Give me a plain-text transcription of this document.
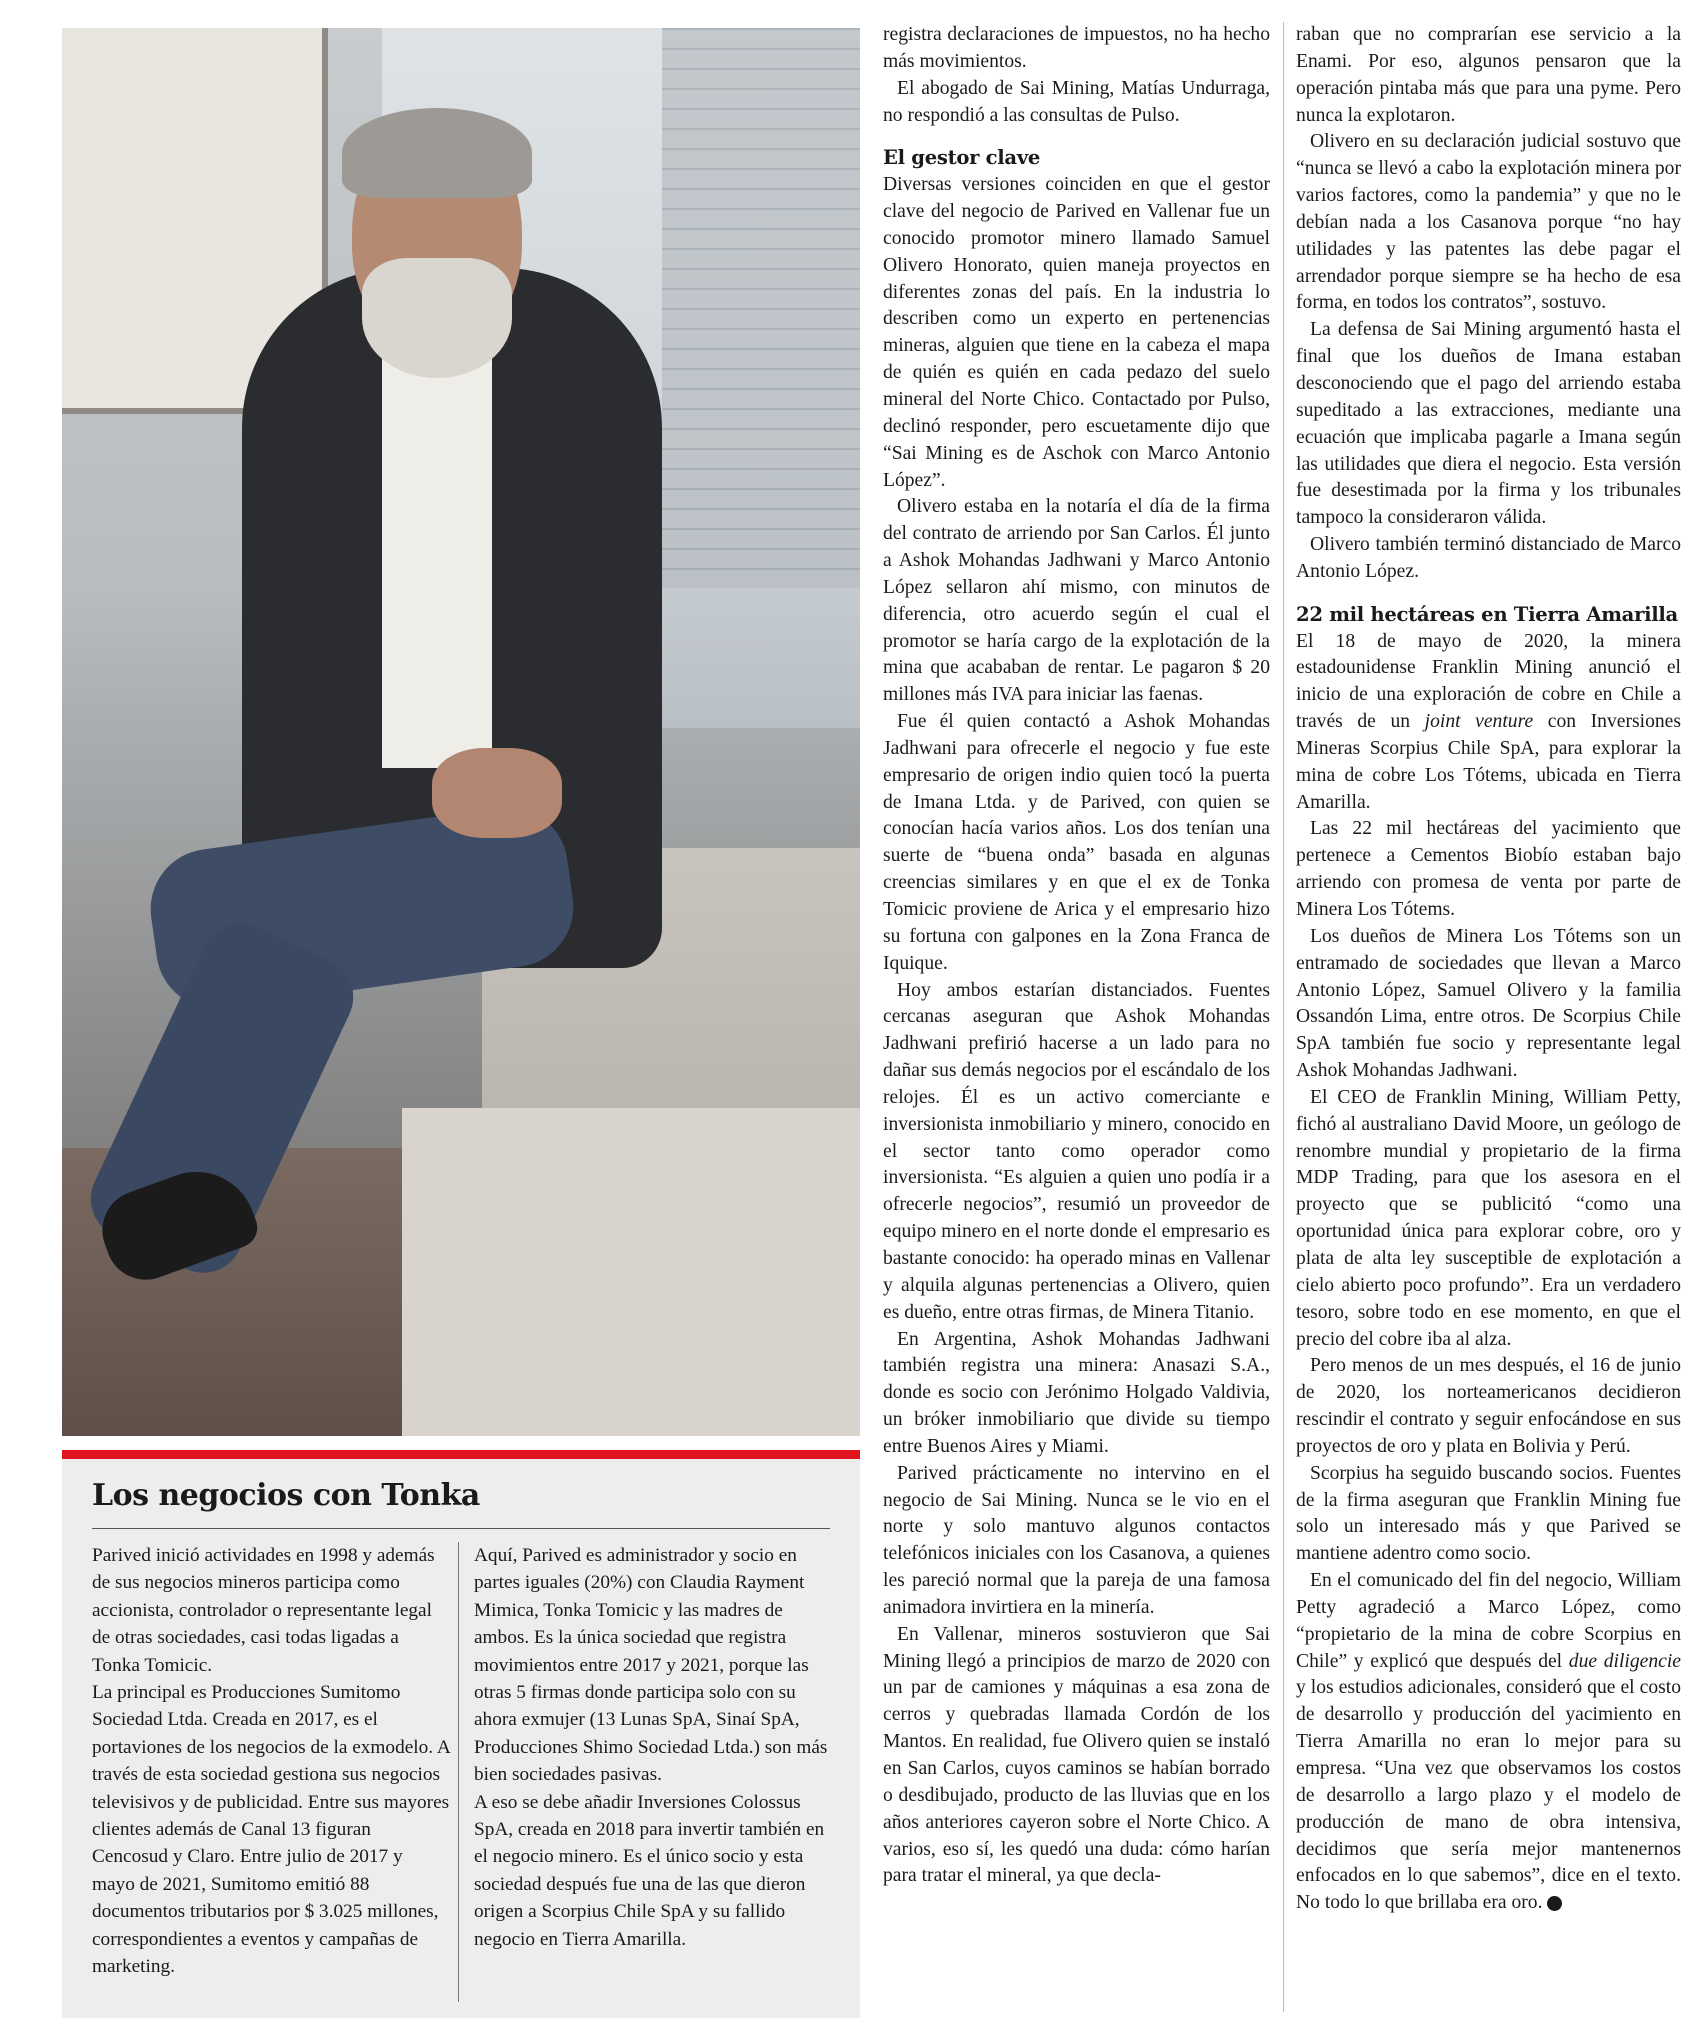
Los negocios con Tonka

Parived inició actividades en 1998 y además de sus negocios mineros participa como accionista, controlador o representante legal de otras sociedades, casi todas ligadas a Tonka Tomicic.

La principal es Producciones Sumitomo Sociedad Ltda. Creada en 2017, es el portaviones de los negocios de la exmodelo. A través de esta sociedad gestiona sus negocios televisivos y de publicidad. Entre sus mayores clientes además de Canal 13 figuran Cencosud y Claro. Entre julio de 2017 y mayo de 2021, Sumitomo emitió 88 documentos tributarios por $ 3.025 millones, correspondientes a eventos y campañas de marketing.

Aquí, Parived es administrador y socio en partes iguales (20%) con Claudia Rayment Mimica, Tonka Tomicic y las madres de ambos. Es la única sociedad que registra movimientos entre 2017 y 2021, porque las otras 5 firmas donde participa solo con su ahora exmujer (13 Lunas SpA, Sinaí SpA, Producciones Shimo Sociedad Ltda.) son más bien sociedades pasivas.

A eso se debe añadir Inversiones Colossus SpA, creada en 2018 para invertir también en el negocio minero. Es el único socio y esta sociedad después fue una de las que dieron origen a Scorpius Chile SpA y su fallido negocio en Tierra Amarilla.

registra declaraciones de impuestos, no ha hecho más movimientos.

El abogado de Sai Mining, Matías Undurraga, no respondió a las consultas de Pulso.

El gestor clave

Diversas versiones coinciden en que el gestor clave del negocio de Parived en Vallenar fue un conocido promotor minero llamado Samuel Olivero Honorato, quien maneja proyectos en diferentes zonas del país. En la industria lo describen como un experto en pertenencias mineras, alguien que tiene en la cabeza el mapa de quién es quién en cada pedazo del suelo mineral del Norte Chico. Contactado por Pulso, declinó responder, pero escuetamente dijo que “Sai Mining es de Aschok con Marco Antonio López”.

Olivero estaba en la notaría el día de la firma del contrato de arriendo por San Carlos. Él junto a Ashok Mohandas Jadhwani y Marco Antonio López sellaron ahí mismo, con minutos de diferencia, otro acuerdo según el cual el promotor se haría cargo de la explotación de la mina que acababan de rentar. Le pagaron $ 20 millones más IVA para iniciar las faenas.

Fue él quien contactó a Ashok Mohandas Jadhwani para ofrecerle el negocio y fue este empresario de origen indio quien tocó la puerta de Imana Ltda. y de Parived, con quien se conocían hacía varios años. Los dos tenían una suerte de “buena onda” basada en algunas creencias similares y en que el ex de Tonka Tomicic proviene de Arica y el empresario hizo su fortuna con galpones en la Zona Franca de Iquique.

Hoy ambos estarían distanciados. Fuentes cercanas aseguran que Ashok Mohandas Jadhwani prefirió hacerse a un lado para no dañar sus demás negocios por el escándalo de los relojes. Él es un activo comerciante e inversionista inmobiliario y minero, conocido en el sector tanto como operador como inversionista. “Es alguien a quien uno podía ir a ofrecerle negocios”, resumió un proveedor de equipo minero en el norte donde el empresario es bastante conocido: ha operado minas en Vallenar y alquila algunas pertenencias a Olivero, quien es dueño, entre otras firmas, de Minera Titanio.

En Argentina, Ashok Mohandas Jadhwani también registra una minera: Anasazi S.A., donde es socio con Jerónimo Holgado Valdivia, un bróker inmobiliario que divide su tiempo entre Buenos Aires y Miami.

Parived prácticamente no intervino en el negocio de Sai Mining. Nunca se le vio en el norte y solo mantuvo algunos contactos telefónicos iniciales con los Casanova, a quienes les pareció normal que la pareja de una famosa animadora invirtiera en la minería.

En Vallenar, mineros sostuvieron que Sai Mining llegó a principios de marzo de 2020 con un par de camiones y máquinas a esa zona de cerros y quebradas llamada Cordón de los Mantos. En realidad, fue Olivero quien se instaló en San Carlos, cuyos caminos se habían borrado o desdibujado, producto de las lluvias que en los años anteriores cayeron sobre el Norte Chico. A varios, eso sí, les quedó una duda: cómo harían para tratar el mineral, ya que decla-

raban que no comprarían ese servicio a la Enami. Por eso, algunos pensaron que la operación pintaba más que para una pyme. Pero nunca la explotaron.

Olivero en su declaración judicial sostuvo que “nunca se llevó a cabo la explotación minera por varios factores, como la pandemia” y que no le debían nada a los Casanova porque “no hay utilidades y las patentes las debe pagar el arrendador porque siempre se ha hecho de esa forma, en todos los contratos”, sostuvo.

La defensa de Sai Mining argumentó hasta el final que los dueños de Imana estaban desconociendo que el pago del arriendo estaba supeditado a las extracciones, mediante una ecuación que implicaba pagarle a Imana según las utilidades que diera el negocio. Esta versión fue desestimada por la firma y los tribunales tampoco la consideraron válida.

Olivero también terminó distanciado de Marco Antonio López.

22 mil hectáreas en Tierra Amarilla

El 18 de mayo de 2020, la minera estadounidense Franklin Mining anunció el inicio de una exploración de cobre en Chile a través de un joint venture con Inversiones Mineras Scorpius Chile SpA, para explorar la mina de cobre Los Tótems, ubicada en Tierra Amarilla.

Las 22 mil hectáreas del yacimiento que pertenece a Cementos Biobío estaban bajo arriendo con promesa de venta por parte de Minera Los Tótems.

Los dueños de Minera Los Tótems son un entramado de sociedades que llevan a Marco Antonio López, Samuel Olivero y la familia Ossandón Lima, entre otros. De Scorpius Chile SpA también fue socio y representante legal Ashok Mohandas Jadhwani.

El CEO de Franklin Mining, William Petty, fichó al australiano David Moore, un geólogo de renombre mundial y propietario de la firma MDP Trading, para que los asesora en el proyecto que se publicitó “como una oportunidad única para explorar cobre, oro y plata de alta ley susceptible de explotación a cielo abierto poco profundo”. Era un verdadero tesoro, sobre todo en ese momento, en que el precio del cobre iba al alza.

Pero menos de un mes después, el 16 de junio de 2020, los norteamericanos decidieron rescindir el contrato y seguir enfocándose en sus proyectos de oro y plata en Bolivia y Perú.

Scorpius ha seguido buscando socios. Fuentes de la firma aseguran que Franklin Mining fue solo un interesado más y que Parived se mantiene adentro como socio.

En el comunicado del fin del negocio, William Petty agradeció a Marco López, como “propietario de la mina de cobre Scorpius en Chile” y explicó que después del due diligencie y los estudios adicionales, consideró que el costo de desarrollo y producción del yacimiento en Tierra Amarilla no eran lo mejor para su empresa. “Una vez que observamos los costos de desarrollo a largo plazo y el modelo de producción de mano de obra intensiva, decidimos que sería mejor mantenernos enfocados en lo que sabemos”, dice en el texto. No todo lo que brillaba era oro. P
